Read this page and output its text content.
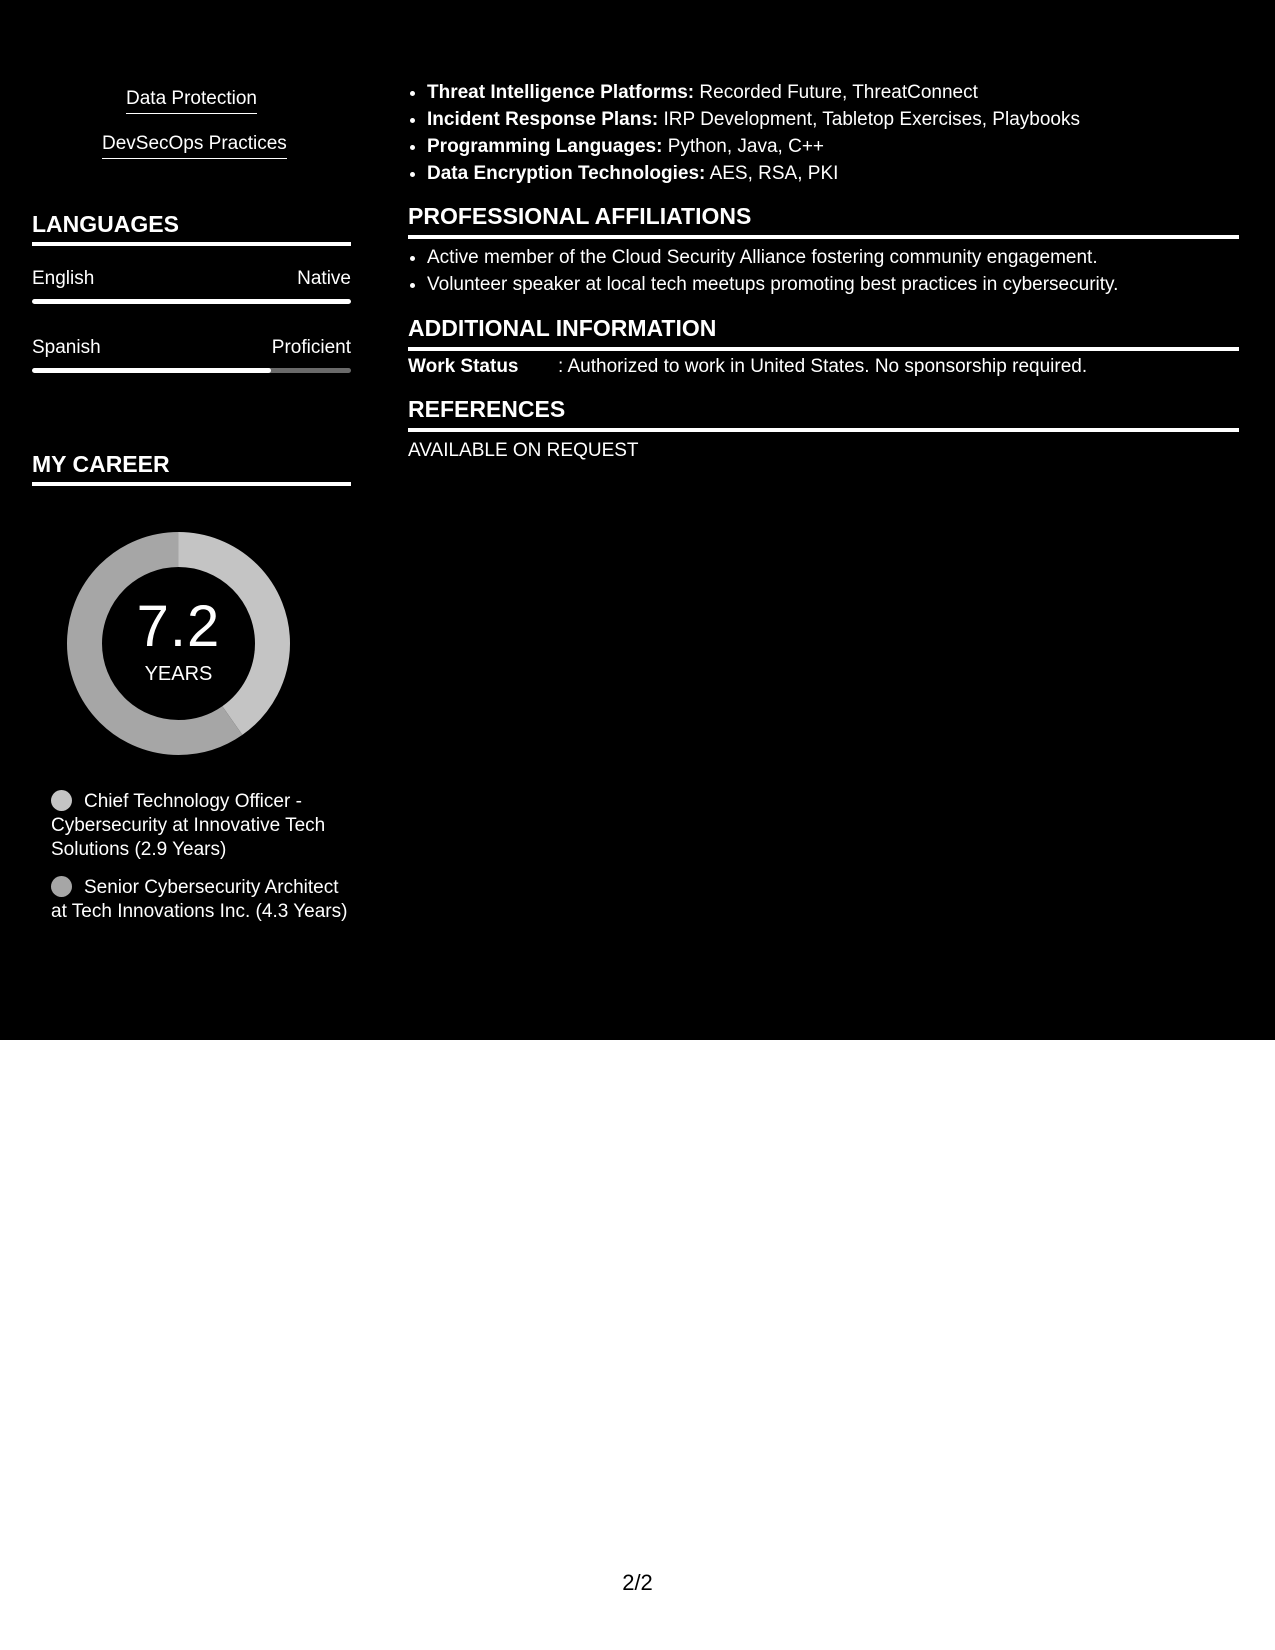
Data Protection
DevSecOps Practices
LANGUAGES
English	Native
Spanish	Proficient
MY CAREER
7.2
YEARS
Chief Technology Officer - Cybersecurity at Innovative Tech Solutions (2.9 Years)
Senior Cybersecurity Architect at Tech Innovations Inc. (4.3 Years)
• Threat Intelligence Platforms: Recorded Future, ThreatConnect
• Incident Response Plans: IRP Development, Tabletop Exercises, Playbooks
• Programming Languages: Python, Java, C++
• Data Encryption Technologies: AES, RSA, PKI
PROFESSIONAL AFFILIATIONS
• Active member of the Cloud Security Alliance fostering community engagement.
• Volunteer speaker at local tech meetups promoting best practices in cybersecurity.
ADDITIONAL INFORMATION
Work Status : Authorized to work in United States. No sponsorship required.
REFERENCES
AVAILABLE ON REQUEST
2/2
